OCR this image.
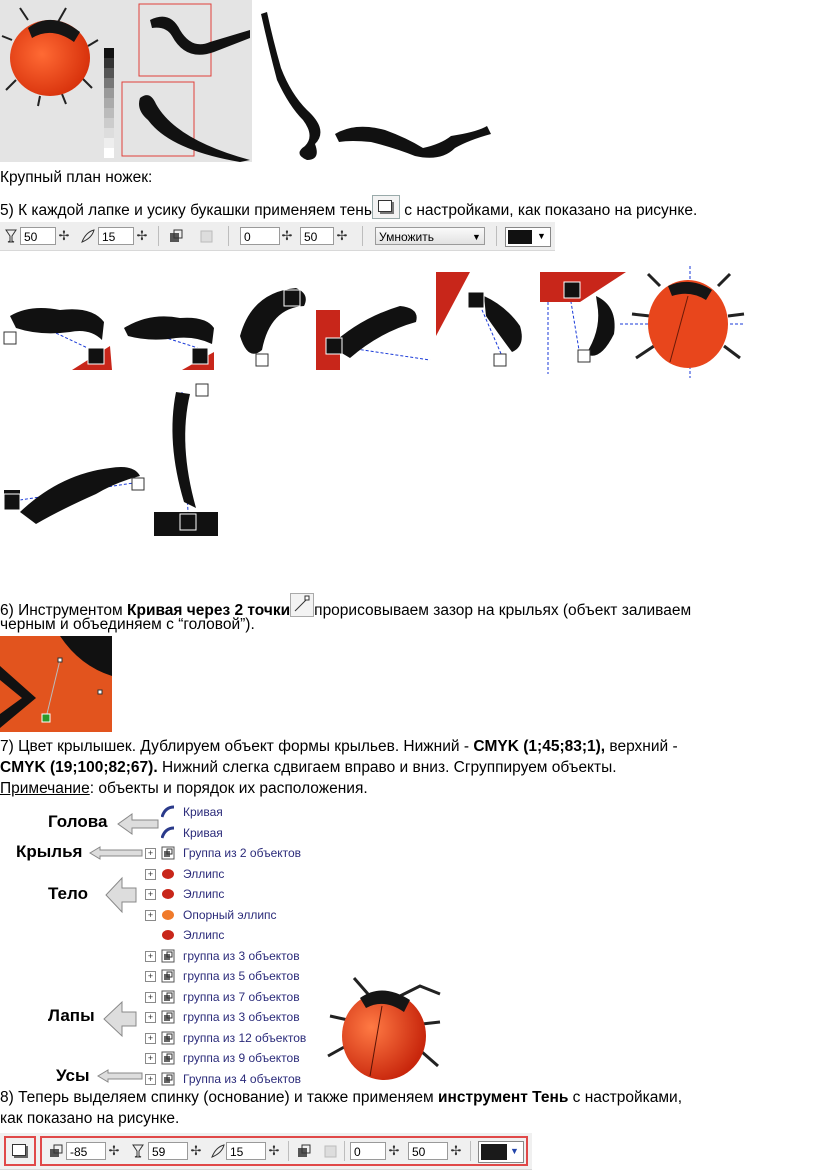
Крупный план ножек:
5) К каждой лапке и усику букашки применяем тень
с настройками, как показано на рисунке.
50	✢	15	✢	0	✢ 50	✢	Умножить	▼	▼
6) Инструментом Кривая через 2 точки прорисовываем зазор на крыльях (объект заливаем
черным и объединяем с “головой”).
7) Цвет крылышек. Дублируем объект формы крыльев. Нижний - CMYK (1;45;83;1), верхний -
CMYK (19;100;82;67). Нижний слегка сдвигаем вправо и вниз. Сгруппируем объекты.
Примечание: объекты и порядок их расположения.
Кривая
Кривая
+ Группа из 2 объектов
+ Эллипс
+ Эллипс
+ Опорный эллипс
Эллипс
+ группа из 3 объектов
+ группа из 5 объектов
+ группа из 7 объектов
+ группа из 3 объектов
+ группа из 12 объектов
+ группа из 9 объектов
+ Группа из 4 объектов
Голова
Крылья
Тело
Лапы
Усы
8) Теперь выделяем спинку (основание) и также применяем инструмент Тень с настройками,
как показано на рисунке.
-85	✢	59	✢	15	✢	0	✢	50	✢	▼
